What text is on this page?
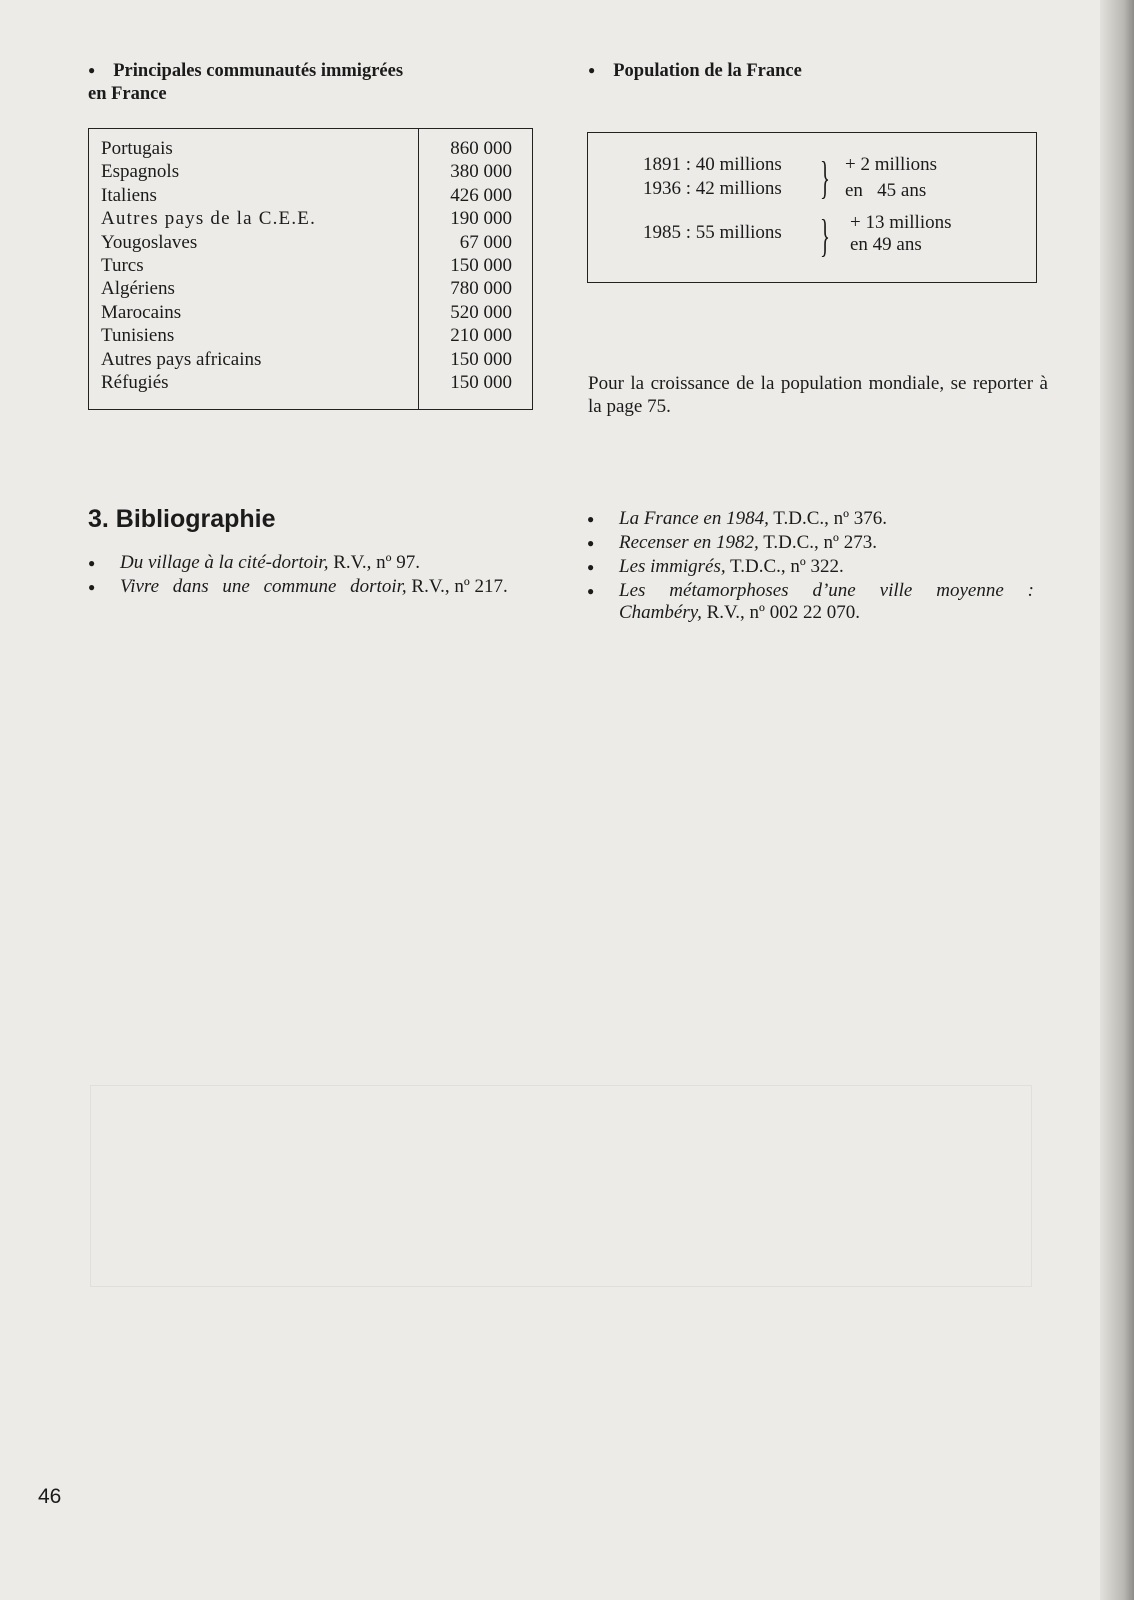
● Principales communautés immigrées
en France
Portugais
Espagnols
Italiens
Autres pays de la C.E.E.
Yougoslaves
Turcs
Algériens
Marocains
Tunisiens
Autres pays africains
Réfugiés
860 000
380 000
426 000
190 000
67 000
150 000
780 000
520 000
210 000
150 000
150 000
● Population de la France
1891 : 40 millions
1936 : 42 millions } + 2 millions
en   45 ans
1985 : 55 millions } + 13 millions
en 49 ans
Pour la croissance de la population mondiale, se reporter à la page 75.
3. Bibliographie
● Du village à la cité-dortoir, R.V., nº 97.
● Vivre dans une commune dortoir, R.V., nº 217.
● La France en 1984, T.D.C., nº 376.
● Recenser en 1982, T.D.C., nº 273.
● Les immigrés, T.D.C., nº 322.
● Les métamorphoses d’une ville moyenne : Chambéry, R.V., nº 002 22 070.
46
